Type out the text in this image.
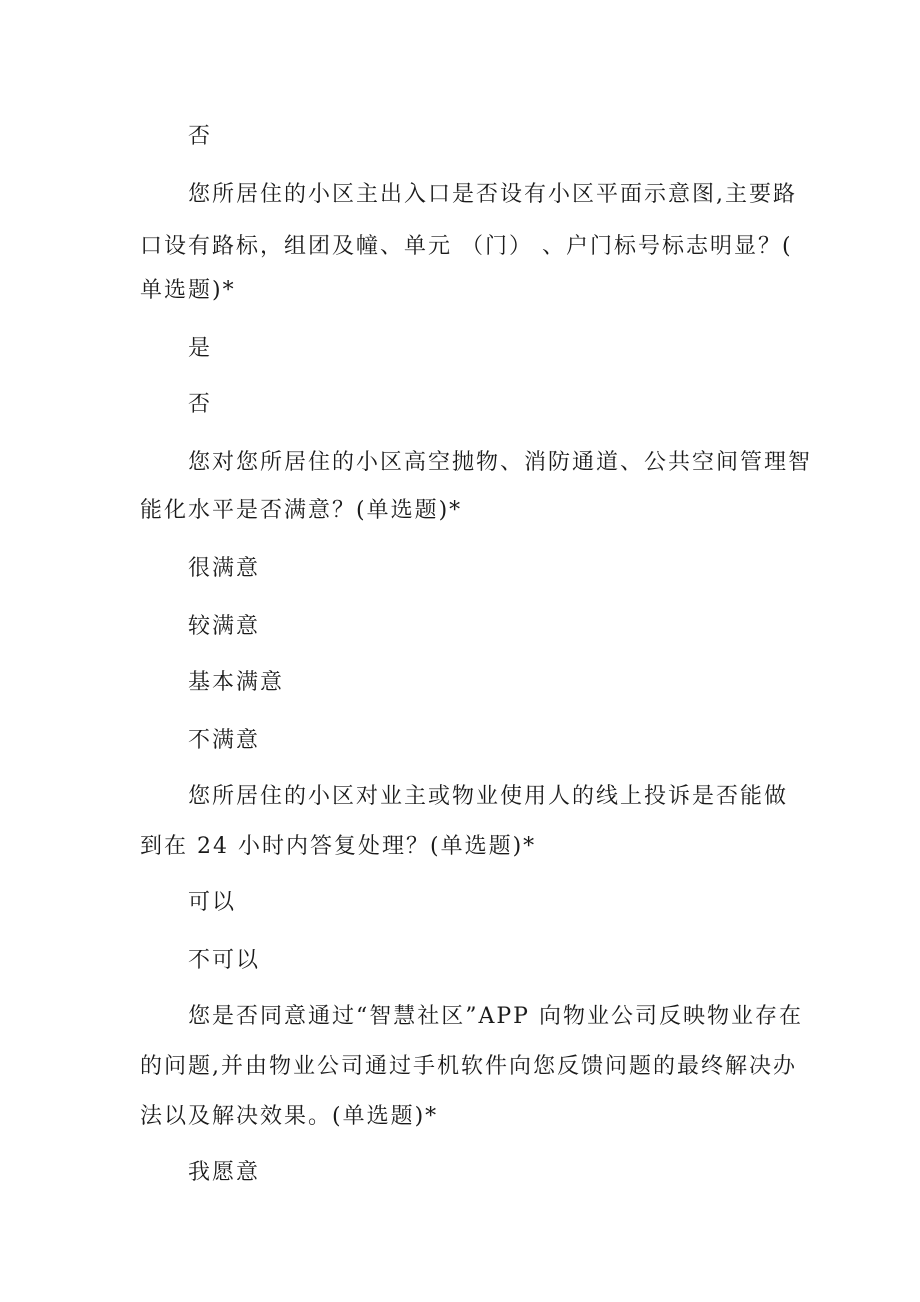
否
您所居住的小区主出入口是否设有小区平面示意图,主要路
口设有路标，组团及幢、单元 （门） 、户门标号标志明显？(
单选题)*
是
否
您对您所居住的小区高空抛物、消防通道、公共空间管理智
能化水平是否满意？(单选题)*
很满意
较满意
基本满意
不满意
您所居住的小区对业主或物业使用人的线上投诉是否能做
到在 24 小时内答复处理？(单选题)*
可以
不可以
您是否同意通过“智慧社区”APP 向物业公司反映物业存在
的问题,并由物业公司通过手机软件向您反馈问题的最终解决办
法以及解决效果。(单选题)*
我愿意
